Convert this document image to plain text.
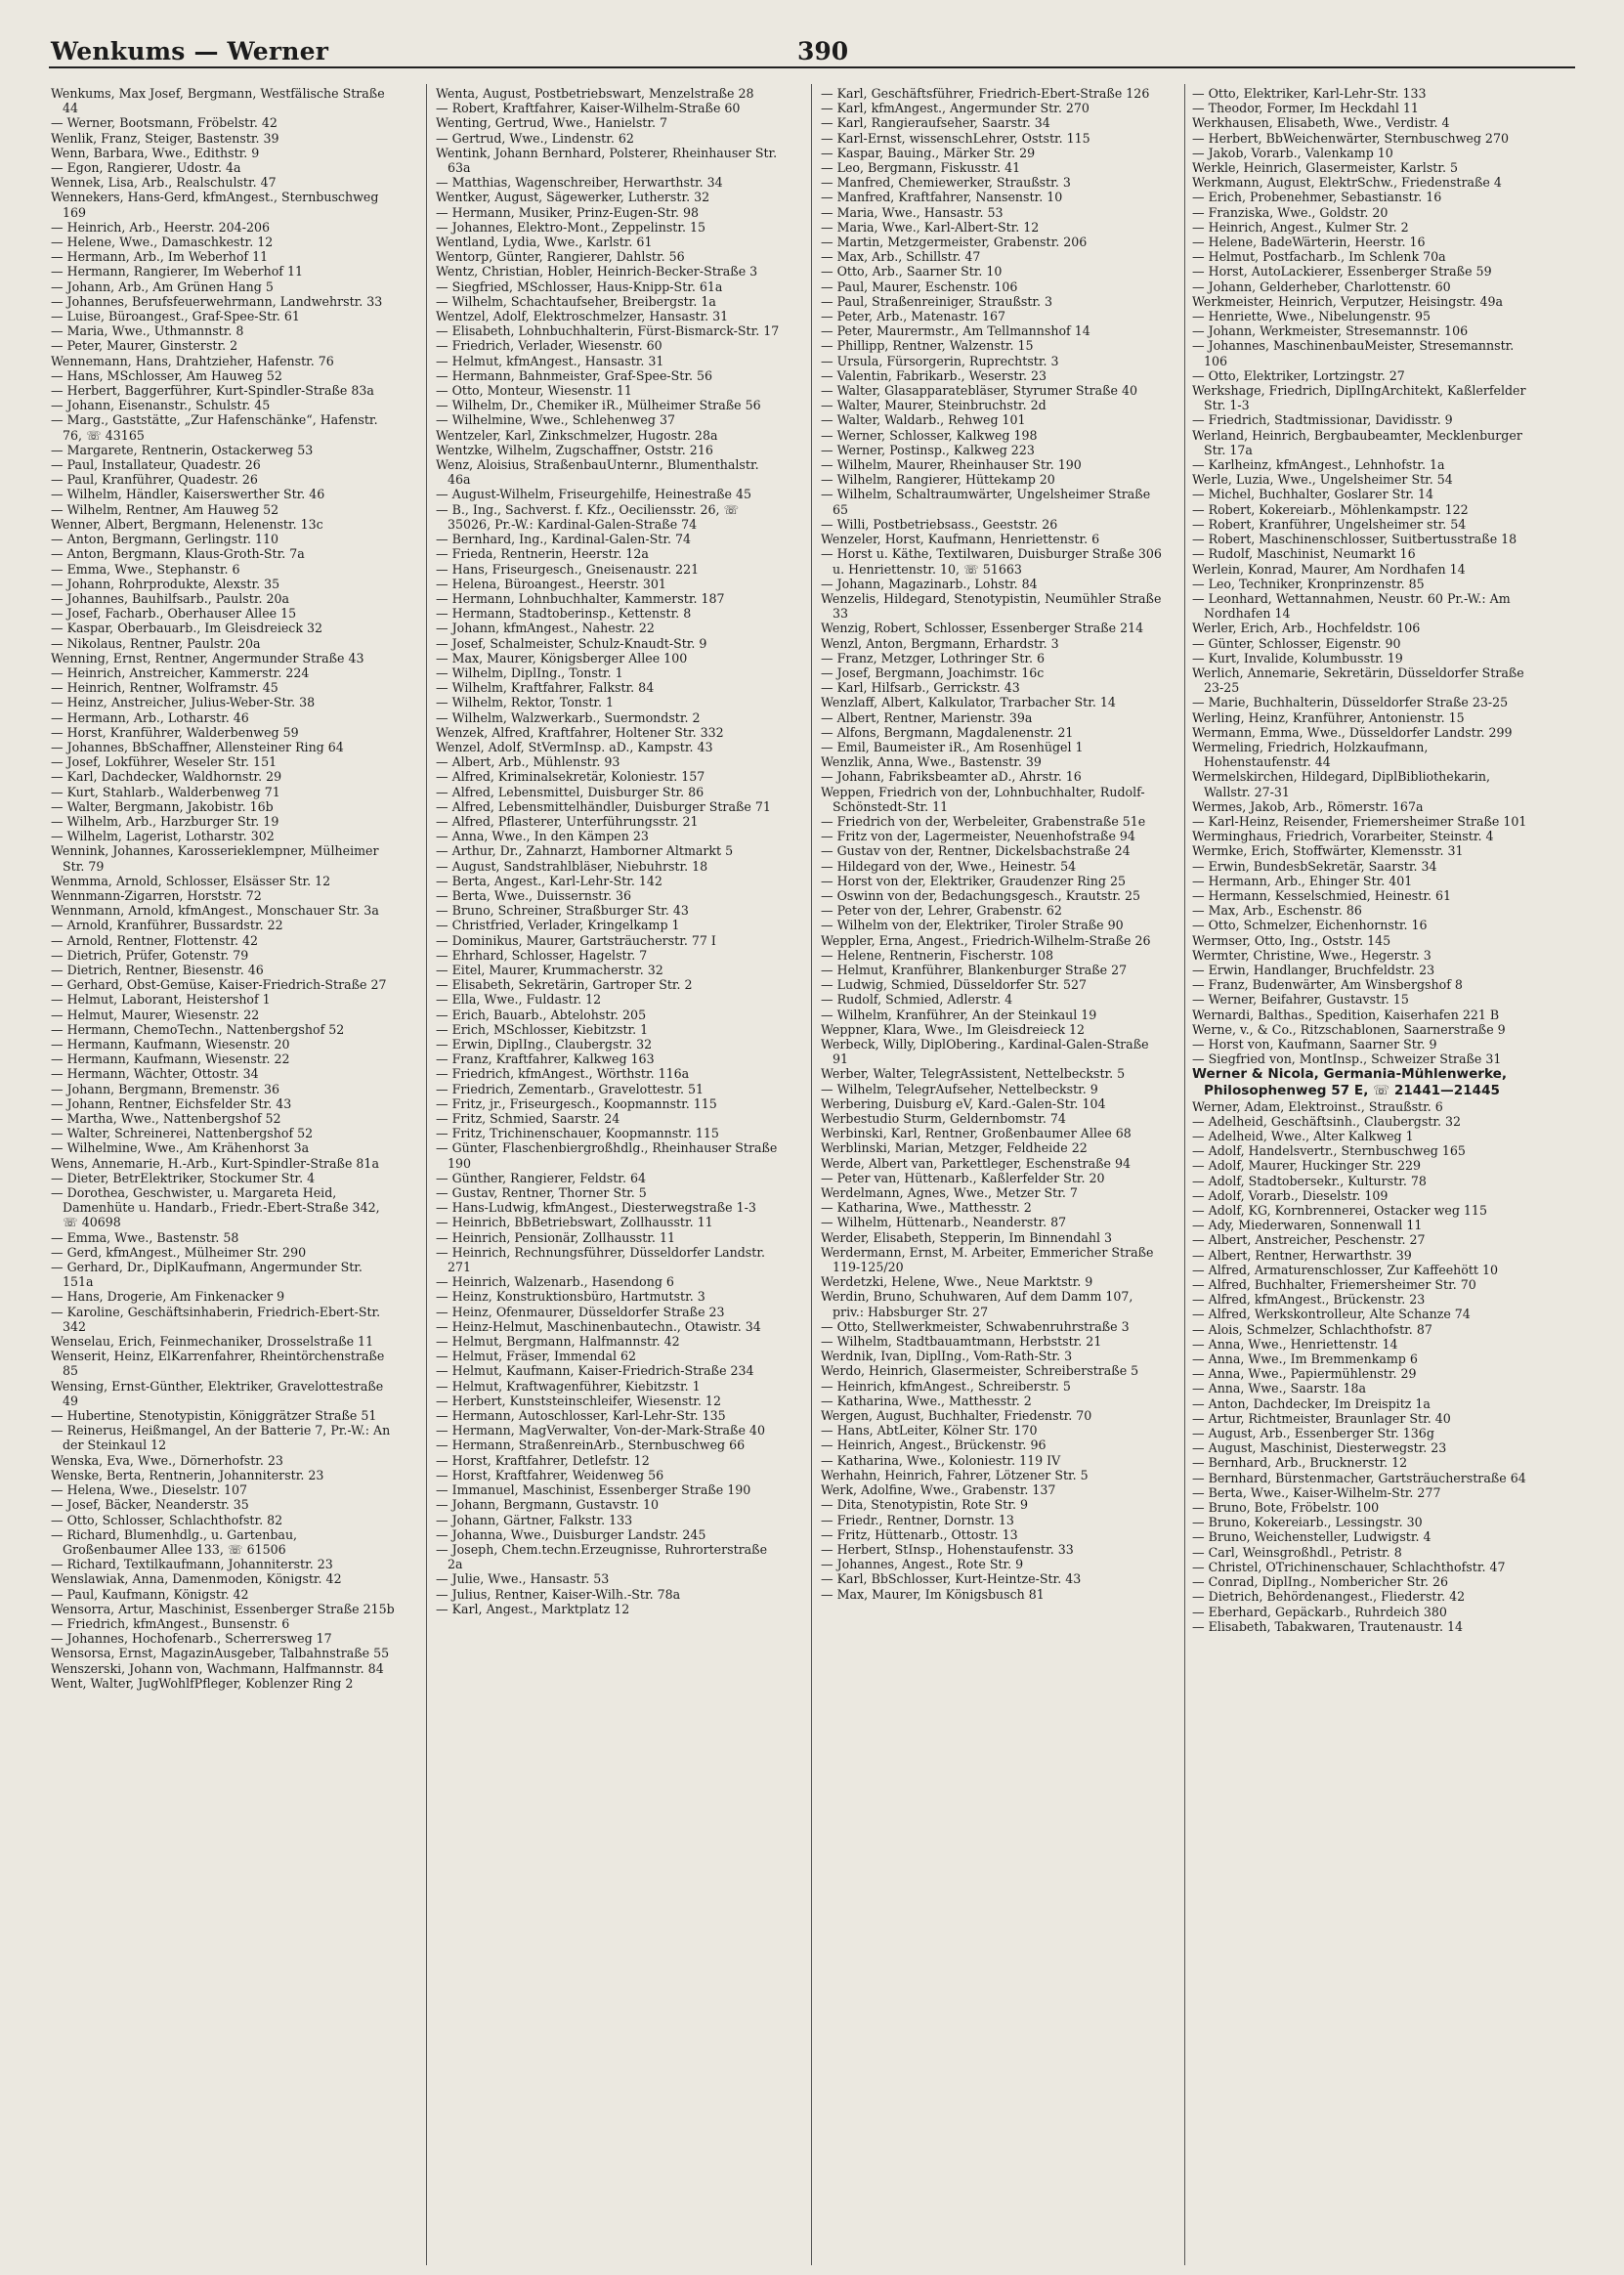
Wenkums — Werner	390
Wenkums, Max Josef, Bergmann, Westfälische Straße 44
— Werner, Bootsmann, Fröbelstr. 42
Wenlik, Franz, Steiger, Bastenstr. 39
Wenn, Barbara, Wwe., Edithstr. 9
— Egon, Rangierer, Udostr. 4a
Wennek, Lisa, Arb., Realschulstr. 47
Wennekers, Hans-Gerd, kfmAngest., Sternbuschweg 169
— Heinrich, Arb., Heerstr. 204-206
— Helene, Wwe., Damaschkestr. 12
— Hermann, Arb., Im Weberhof 11
— Hermann, Rangierer, Im Weberhof 11
— Johann, Arb., Am Grünen Hang 5
— Johannes, Berufsfeuerwehrmann, Landwehrstr. 33
— Luise, Büroangest., Graf-Spee-Str. 61
— Maria, Wwe., Uthmannstr. 8
— Peter, Maurer, Ginsterstr. 2
Wennemann, Hans, Drahtzieher, Hafenstr. 76
— Hans, MSchlosser, Am Hauweg 52
— Herbert, Baggerführer, Kurt-Spindler-Straße 83a
— Johann, Eisenanstr., Schulstr. 45
— Marg., Gaststätte, „Zur Hafenschänke“, Hafenstr. 76, ☏ 43165
— Margarete, Rentnerin, Ostackerweg 53
— Paul, Installateur, Quadestr. 26
— Paul, Kranführer, Quadestr. 26
— Wilhelm, Händler, Kaiserswerther Str. 46
— Wilhelm, Rentner, Am Hauweg 52
Wenner, Albert, Bergmann, Helenenstr. 13c
— Anton, Bergmann, Gerlingstr. 110
— Anton, Bergmann, Klaus-Groth-Str. 7a
— Emma, Wwe., Stephanstr. 6
— Johann, Rohrprodukte, Alexstr. 35
— Johannes, Bauhilfsarb., Paulstr. 20a
— Josef, Facharb., Oberhauser Allee 15
— Kaspar, Oberbauarb., Im Gleisdreieck 32
— Nikolaus, Rentner, Paulstr. 20a
Wenning, Ernst, Rentner, Angermunder Straße 43
— Heinrich, Anstreicher, Kammerstr. 224
— Heinrich, Rentner, Wolframstr. 45
— Heinz, Anstreicher, Julius-Weber-Str. 38
— Hermann, Arb., Lotharstr. 46
— Horst, Kranführer, Walderbenweg 59
— Johannes, BbSchaffner, Allensteiner Ring 64
— Josef, Lokführer, Weseler Str. 151
— Karl, Dachdecker, Waldhornstr. 29
— Kurt, Stahlarb., Walderbenweg 71
— Walter, Bergmann, Jakobistr. 16b
— Wilhelm, Arb., Harzburger Str. 19
— Wilhelm, Lagerist, Lotharstr. 302
Wennink, Johannes, Karosserieklempner, Mülheimer Str. 79
Wenmma, Arnold, Schlosser, Elsässer Str. 12
Wennmann-Zigarren, Horststr. 72
Wennmann, Arnold, kfmAngest., Monschauer Str. 3a
— Arnold, Kranführer, Bussardstr. 22
— Arnold, Rentner, Flottenstr. 42
— Dietrich, Prüfer, Gotenstr. 79
— Dietrich, Rentner, Biesenstr. 46
— Gerhard, Obst-Gemüse, Kaiser-Friedrich-Straße 27
— Helmut, Laborant, Heistershof 1
— Helmut, Maurer, Wiesenstr. 22
— Hermann, ChemoTechn., Nattenbergshof 52
— Hermann, Kaufmann, Wiesenstr. 20
— Hermann, Kaufmann, Wiesenstr. 22
— Hermann, Wächter, Ottostr. 34
— Johann, Bergmann, Bremenstr. 36
— Johann, Rentner, Eichsfelder Str. 43
— Martha, Wwe., Nattenbergshof 52
— Walter, Schreinerei, Nattenbergshof 52
— Wilhelmine, Wwe., Am Krähenhorst 3a
Wens, Annemarie, H.-Arb., Kurt-Spindler-Straße 81a
— Dieter, BetrElektriker, Stockumer Str. 4
— Dorothea, Geschwister, u. Margareta Heid, Damenhüte u. Handarb., Friedr.-Ebert-Straße 342, ☏ 40698
— Emma, Wwe., Bastenstr. 58
— Gerd, kfmAngest., Mülheimer Str. 290
— Gerhard, Dr., DiplKaufmann, Angermunder Str. 151a
— Hans, Drogerie, Am Finkenacker 9
— Karoline, Geschäftsinhaberin, Friedrich-Ebert-Str. 342
Wenselau, Erich, Feinmechaniker, Drosselstraße 11
Wenserit, Heinz, ElKarrenfahrer, Rheintörchenstraße 85
Wensing, Ernst-Günther, Elektriker, Gravelottestraße 49
— Hubertine, Stenotypistin, Königgrätzer Straße 51
— Reinerus, Heißmangel, An der Batterie 7, Pr.-W.: An der Steinkaul 12
Wenska, Eva, Wwe., Dörnerhofstr. 23
Wenske, Berta, Rentnerin, Johanniterstr. 23
— Helena, Wwe., Dieselstr. 107
— Josef, Bäcker, Neanderstr. 35
— Otto, Schlosser, Schlachthofstr. 82
— Richard, Blumenhdlg., u. Gartenbau, Großenbaumer Allee 133, ☏ 61506
— Richard, Textilkaufmann, Johanniterstr. 23
Wenslawiak, Anna, Damenmoden, Königstr. 42
— Paul, Kaufmann, Königstr. 42
Wensorra, Artur, Maschinist, Essenberger Straße 215b
— Friedrich, kfmAngest., Bunsenstr. 6
— Johannes, Hochofenarb., Scherrersweg 17
Wensorsa, Ernst, MagazinAusgeber, Talbahnstraße 55
Wenszerski, Johann von, Wachmann, Halfmannstr. 84
Went, Walter, JugWohlfPfleger, Koblenzer Ring 2
Wenta, August, Postbetriebswart, Menzelstraße 28
— Robert, Kraftfahrer, Kaiser-Wilhelm-Straße 60
Wenting, Gertrud, Wwe., Hanielstr. 7
— Gertrud, Wwe., Lindenstr. 62
Wentink, Johann Bernhard, Polsterer, Rheinhauser Str. 63a
— Matthias, Wagenschreiber, Herwarthstr. 34
Wentker, August, Sägewerker, Lutherstr. 32
— Hermann, Musiker, Prinz-Eugen-Str. 98
— Johannes, Elektro-Mont., Zeppelinstr. 15
Wentland, Lydia, Wwe., Karlstr. 61
Wentorp, Günter, Rangierer, Dahlstr. 56
Wentz, Christian, Hobler, Heinrich-Becker-Straße 3
— Siegfried, MSchlosser, Haus-Knipp-Str. 61a
— Wilhelm, Schachtaufseher, Breibergstr. 1a
Wentzel, Adolf, Elektroschmelzer, Hansastr. 31
— Elisabeth, Lohnbuchhalterin, Fürst-Bismarck-Str. 17
— Friedrich, Verlader, Wiesenstr. 60
— Helmut, kfmAngest., Hansastr. 31
— Hermann, Bahnmeister, Graf-Spee-Str. 56
— Otto, Monteur, Wiesenstr. 11
— Wilhelm, Dr., Chemiker iR., Mülheimer Straße 56
— Wilhelmine, Wwe., Schlehenweg 37
Wentzeler, Karl, Zinkschmelzer, Hugostr. 28a
Wentzke, Wilhelm, Zugschaffner, Oststr. 216
Wenz, Aloisius, StraßenbauUnternr., Blumenthalstr. 46a
— August-Wilhelm, Friseurgehilfe, Heinestraße 45
— B., Ing., Sachverst. f. Kfz., Oeciliensstr. 26, ☏ 35026, Pr.-W.: Kardinal-Galen-Straße 74
— Bernhard, Ing., Kardinal-Galen-Str. 74
— Frieda, Rentnerin, Heerstr. 12a
— Hans, Friseurgesch., Gneisenaustr. 221
— Helena, Büroangest., Heerstr. 301
— Hermann, Lohnbuchhalter, Kammerstr. 187
— Hermann, Stadtoberinsp., Kettenstr. 8
— Johann, kfmAngest., Nahestr. 22
— Josef, Schalmeister, Schulz-Knaudt-Str. 9
— Max, Maurer, Königsberger Allee 100
— Wilhelm, DiplIng., Tonstr. 1
— Wilhelm, Kraftfahrer, Falkstr. 84
— Wilhelm, Rektor, Tonstr. 1
— Wilhelm, Walzwerkarb., Suermondstr. 2
Wenzek, Alfred, Kraftfahrer, Holtener Str. 332
Wenzel, Adolf, StVermInsp. aD., Kampstr. 43
— Albert, Arb., Mühlenstr. 93
— Alfred, Kriminalsekretär, Koloniestr. 157
— Alfred, Lebensmittel, Duisburger Str. 86
— Alfred, Lebensmittelhändler, Duisburger Straße 71
— Alfred, Pflasterer, Unterführungsstr. 21
— Anna, Wwe., In den Kämpen 23
— Arthur, Dr., Zahnarzt, Hamborner Altmarkt 5
— August, Sandstrahlbläser, Niebuhrstr. 18
— Berta, Angest., Karl-Lehr-Str. 142
— Berta, Wwe., Duissernstr. 36
— Bruno, Schreiner, Straßburger Str. 43
— Christfried, Verlader, Kringelkamp 1
— Dominikus, Maurer, Gartsträucherstr. 77 I
— Ehrhard, Schlosser, Hagelstr. 7
— Eitel, Maurer, Krummacherstr. 32
— Elisabeth, Sekretärin, Gartroper Str. 2
— Ella, Wwe., Fuldastr. 12
— Erich, Bauarb., Abtelohstr. 205
— Erich, MSchlosser, Kiebitzstr. 1
— Erwin, DiplIng., Claubergstr. 32
— Franz, Kraftfahrer, Kalkweg 163
— Friedrich, kfmAngest., Wörthstr. 116a
— Friedrich, Zementarb., Gravelottestr. 51
— Fritz, jr., Friseurgesch., Koopmannstr. 115
— Fritz, Schmied, Saarstr. 24
— Fritz, Trichinenschauer, Koopmannstr. 115
— Günter, Flaschenbiergroßhdlg., Rheinhauser Straße 190
— Günther, Rangierer, Feldstr. 64
— Gustav, Rentner, Thorner Str. 5
— Hans-Ludwig, kfmAngest., Diesterwegstraße 1-3
— Heinrich, BbBetriebswart, Zollhausstr. 11
— Heinrich, Pensionär, Zollhausstr. 11
— Heinrich, Rechnungsführer, Düsseldorfer Landstr. 271
— Heinrich, Walzenarb., Hasendong 6
— Heinz, Konstruktionsbüro, Hartmutstr. 3
— Heinz, Ofenmaurer, Düsseldorfer Straße 23
— Heinz-Helmut, Maschinenbautechn., Otawistr. 34
— Helmut, Bergmann, Halfmannstr. 42
— Helmut, Fräser, Immendal 62
— Helmut, Kaufmann, Kaiser-Friedrich-Straße 234
— Helmut, Kraftwagenführer, Kiebitzstr. 1
— Herbert, Kunststeinschleifer, Wiesenstr. 12
— Hermann, Autoschlosser, Karl-Lehr-Str. 135
— Hermann, MagVerwalter, Von-der-Mark-Straße 40
— Hermann, StraßenreinArb., Sternbuschweg 66
— Horst, Kraftfahrer, Detlefstr. 12
— Horst, Kraftfahrer, Weidenweg 56
— Immanuel, Maschinist, Essenberger Straße 190
— Johann, Bergmann, Gustavstr. 10
— Johann, Gärtner, Falkstr. 133
— Johanna, Wwe., Duisburger Landstr. 245
— Joseph, Chem.techn.Erzeugnisse, Ruhrorterstraße 2a
— Julie, Wwe., Hansastr. 53
— Julius, Rentner, Kaiser-Wilh.-Str. 78a
— Karl, Angest., Marktplatz 12
— Karl, Geschäftsführer, Friedrich-Ebert-Straße 126
— Karl, kfmAngest., Angermunder Str. 270
— Karl, Rangieraufseher, Saarstr. 34
— Karl-Ernst, wissenschLehrer, Oststr. 115
— Kaspar, Bauing., Märker Str. 29
— Leo, Bergmann, Fiskusstr. 41
— Manfred, Chemiewerker, Straußstr. 3
— Manfred, Kraftfahrer, Nansenstr. 10
— Maria, Wwe., Hansastr. 53
— Maria, Wwe., Karl-Albert-Str. 12
— Martin, Metzgermeister, Grabenstr. 206
— Max, Arb., Schillstr. 47
— Otto, Arb., Saarner Str. 10
— Paul, Maurer, Eschenstr. 106
— Paul, Straßenreiniger, Straußstr. 3
— Peter, Arb., Matenastr. 167
— Peter, Maurermstr., Am Tellmannshof 14
— Phillipp, Rentner, Walzenstr. 15
— Ursula, Fürsorgerin, Ruprechtstr. 3
— Valentin, Fabrikarb., Weserstr. 23
— Walter, Glasapparatebläser, Styrumer Straße 40
— Walter, Maurer, Steinbruchstr. 2d
— Walter, Waldarb., Rehweg 101
— Werner, Schlosser, Kalkweg 198
— Werner, Postinsp., Kalkweg 223
— Wilhelm, Maurer, Rheinhauser Str. 190
— Wilhelm, Rangierer, Hüttekamp 20
— Wilhelm, Schaltraumwärter, Ungelsheimer Straße 65
— Willi, Postbetriebsass., Geeststr. 26
Wenzeler, Horst, Kaufmann, Henriettenstr. 6
— Horst u. Käthe, Textilwaren, Duisburger Straße 306 u. Henriettenstr. 10, ☏ 51663
— Johann, Magazinarb., Lohstr. 84
Wenzelis, Hildegard, Stenotypistin, Neumühler Straße 33
Wenzig, Robert, Schlosser, Essenberger Straße 214
Wenzl, Anton, Bergmann, Erhardstr. 3
— Franz, Metzger, Lothringer Str. 6
— Josef, Bergmann, Joachimstr. 16c
— Karl, Hilfsarb., Gerrickstr. 43
Wenzlaff, Albert, Kalkulator, Trarbacher Str. 14
— Albert, Rentner, Marienstr. 39a
— Alfons, Bergmann, Magdalenenstr. 21
— Emil, Baumeister iR., Am Rosenhügel 1
Wenzlik, Anna, Wwe., Bastenstr. 39
— Johann, Fabriksbeamter aD., Ahrstr. 16
Weppen, Friedrich von der, Lohnbuchhalter, Rudolf-Schönstedt-Str. 11
— Friedrich von der, Werbeleiter, Grabenstraße 51e
— Fritz von der, Lagermeister, Neuenhofstraße 94
— Gustav von der, Rentner, Dickelsbachstraße 24
— Hildegard von der, Wwe., Heinestr. 54
— Horst von der, Elektriker, Graudenzer Ring 25
— Oswinn von der, Bedachungsgesch., Krautstr. 25
— Peter von der, Lehrer, Grabenstr. 62
— Wilhelm von der, Elektriker, Tiroler Straße 90
Weppler, Erna, Angest., Friedrich-Wilhelm-Straße 26
— Helene, Rentnerin, Fischerstr. 108
— Helmut, Kranführer, Blankenburger Straße 27
— Ludwig, Schmied, Düsseldorfer Str. 527
— Rudolf, Schmied, Adlerstr. 4
— Wilhelm, Kranführer, An der Steinkaul 19
Weppner, Klara, Wwe., Im Gleisdreieck 12
Werbeck, Willy, DiplObering., Kardinal-Galen-Straße 91
Werber, Walter, TelegrAssistent, Nettelbeckstr. 5
— Wilhelm, TelegrAufseher, Nettelbeckstr. 9
Werbering, Duisburg eV, Kard.-Galen-Str. 104
Werbestudio Sturm, Geldernbomstr. 74
Werbinski, Karl, Rentner, Großenbaumer Allee 68
Werblinski, Marian, Metzger, Feldheide 22
Werde, Albert van, Parkettleger, Eschenstraße 94
— Peter van, Hüttenarb., Kaßlerfelder Str. 20
Werdelmann, Agnes, Wwe., Metzer Str. 7
— Katharina, Wwe., Matthesstr. 2
— Wilhelm, Hüttenarb., Neanderstr. 87
Werder, Elisabeth, Stepperin, Im Binnendahl 3
Werdermann, Ernst, M. Arbeiter, Emmericher Straße 119-125/20
Werdetzki, Helene, Wwe., Neue Marktstr. 9
Werdin, Bruno, Schuhwaren, Auf dem Damm 107, priv.: Habsburger Str. 27
— Otto, Stellwerkmeister, Schwabenruhrstraße 3
— Wilhelm, Stadtbauamtmann, Herbststr. 21
Werdnik, Ivan, DiplIng., Vom-Rath-Str. 3
Werdo, Heinrich, Glasermeister, Schreiberstraße 5
— Heinrich, kfmAngest., Schreiberstr. 5
— Katharina, Wwe., Matthesstr. 2
Wergen, August, Buchhalter, Friedenstr. 70
— Hans, AbtLeiter, Kölner Str. 170
— Heinrich, Angest., Brückenstr. 96
— Katharina, Wwe., Koloniestr. 119 IV
Werhahn, Heinrich, Fahrer, Lötzener Str. 5
Werk, Adolfine, Wwe., Grabenstr. 137
— Dita, Stenotypistin, Rote Str. 9
— Friedr., Rentner, Dornstr. 13
— Fritz, Hüttenarb., Ottostr. 13
— Herbert, StInsp., Hohenstaufenstr. 33
— Johannes, Angest., Rote Str. 9
— Karl, BbSchlosser, Kurt-Heintze-Str. 43
— Max, Maurer, Im Königsbusch 81
— Otto, Elektriker, Karl-Lehr-Str. 133
— Theodor, Former, Im Heckdahl 11
Werkhausen, Elisabeth, Wwe., Verdistr. 4
— Herbert, BbWeichenwärter, Sternbuschweg 270
— Jakob, Vorarb., Valenkamp 10
Werkle, Heinrich, Glasermeister, Karlstr. 5
Werkmann, August, ElektrSchw., Friedenstraße 4
— Erich, Probenehmer, Sebastianstr. 16
— Franziska, Wwe., Goldstr. 20
— Heinrich, Angest., Kulmer Str. 2
— Helene, BadeWärterin, Heerstr. 16
— Helmut, Postfacharb., Im Schlenk 70a
— Horst, AutoLackierer, Essenberger Straße 59
— Johann, Gelderheber, Charlottenstr. 60
Werkmeister, Heinrich, Verputzer, Heisingstr. 49a
— Henriette, Wwe., Nibelungenstr. 95
— Johann, Werkmeister, Stresemannstr. 106
— Johannes, MaschinenbauMeister, Stresemannstr. 106
— Otto, Elektriker, Lortzingstr. 27
Werkshage, Friedrich, DiplIngArchitekt, Kaßlerfelder Str. 1-3
— Friedrich, Stadtmissionar, Davidisstr. 9
Werland, Heinrich, Bergbaubeamter, Mecklenburger Str. 17a
— Karlheinz, kfmAngest., Lehnhofstr. 1a
Werle, Luzia, Wwe., Ungelsheimer Str. 54
— Michel, Buchhalter, Goslarer Str. 14
— Robert, Kokereiarb., Möhlenkampstr. 122
— Robert, Kranführer, Ungelsheimer str. 54
— Robert, Maschinenschlosser, Suitbertusstraße 18
— Rudolf, Maschinist, Neumarkt 16
Werlein, Konrad, Maurer, Am Nordhafen 14
— Leo, Techniker, Kronprinzenstr. 85
— Leonhard, Wettannahmen, Neustr. 60 Pr.-W.: Am Nordhafen 14
Werler, Erich, Arb., Hochfeldstr. 106
— Günter, Schlosser, Eigenstr. 90
— Kurt, Invalide, Kolumbusstr. 19
Werlich, Annemarie, Sekretärin, Düsseldorfer Straße 23-25
— Marie, Buchhalterin, Düsseldorfer Straße 23-25
Werling, Heinz, Kranführer, Antonienstr. 15
Wermann, Emma, Wwe., Düsseldorfer Landstr. 299
Wermeling, Friedrich, Holzkaufmann, Hohenstaufenstr. 44
Wermelskirchen, Hildegard, DiplBibliothekarin, Wallstr. 27-31
Wermes, Jakob, Arb., Römerstr. 167a
— Karl-Heinz, Reisender, Friemersheimer Straße 101
Werminghaus, Friedrich, Vorarbeiter, Steinstr. 4
Wermke, Erich, Stoffwärter, Klemensstr. 31
— Erwin, BundesbSekretär, Saarstr. 34
— Hermann, Arb., Ehinger Str. 401
— Hermann, Kesselschmied, Heinestr. 61
— Max, Arb., Eschenstr. 86
— Otto, Schmelzer, Eichenhornstr. 16
Wermser, Otto, Ing., Oststr. 145
Wermter, Christine, Wwe., Hegerstr. 3
— Erwin, Handlanger, Bruchfeldstr. 23
— Franz, Budenwärter, Am Winsbergshof 8
— Werner, Beifahrer, Gustavstr. 15
Wernardi, Balthas., Spedition, Kaiserhafen 221 B
Werne, v., & Co., Ritzschablonen, Saarnerstraße 9
— Horst von, Kaufmann, Saarner Str. 9
— Siegfried von, MontInsp., Schweizer Straße 31
Werner & Nicola, Germania-Mühlenwerke, Philosophenweg 57 E, ☏ 21441—21445
Werner, Adam, Elektroinst., Straußstr. 6
— Adelheid, Geschäftsinh., Claubergstr. 32
— Adelheid, Wwe., Alter Kalkweg 1
— Adolf, Handelsvertr., Sternbuschweg 165
— Adolf, Maurer, Huckinger Str. 229
— Adolf, Stadtobersekr., Kulturstr. 78
— Adolf, Vorarb., Dieselstr. 109
— Adolf, KG, Kornbrennerei, Ostacker weg 115
— Ady, Miederwaren, Sonnenwall 11
— Albert, Anstreicher, Peschenstr. 27
— Albert, Rentner, Herwarthstr. 39
— Alfred, Armaturenschlosser, Zur Kaffeehött 10
— Alfred, Buchhalter, Friemersheimer Str. 70
— Alfred, kfmAngest., Brückenstr. 23
— Alfred, Werkskontrolleur, Alte Schanze 74
— Alois, Schmelzer, Schlachthofstr. 87
— Anna, Wwe., Henriettenstr. 14
— Anna, Wwe., Im Bremmenkamp 6
— Anna, Wwe., Papiermühlenstr. 29
— Anna, Wwe., Saarstr. 18a
— Anton, Dachdecker, Im Dreispitz 1a
— Artur, Richtmeister, Braunlager Str. 40
— August, Arb., Essenberger Str. 136g
— August, Maschinist, Diesterwegstr. 23
— Bernhard, Arb., Brucknerstr. 12
— Bernhard, Bürstenmacher, Gartsträucherstraße 64
— Berta, Wwe., Kaiser-Wilhelm-Str. 277
— Bruno, Bote, Fröbelstr. 100
— Bruno, Kokereiarb., Lessingstr. 30
— Bruno, Weichensteller, Ludwigstr. 4
— Carl, Weinsgroßhdl., Petristr. 8
— Christel, OTrichinenschauer, Schlachthofstr. 47
— Conrad, DiplIng., Nombericher Str. 26
— Dietrich, Behördenangest., Fliederstr. 42
— Eberhard, Gepäckarb., Ruhrdeich 380
— Elisabeth, Tabakwaren, Trautenaustr. 14
